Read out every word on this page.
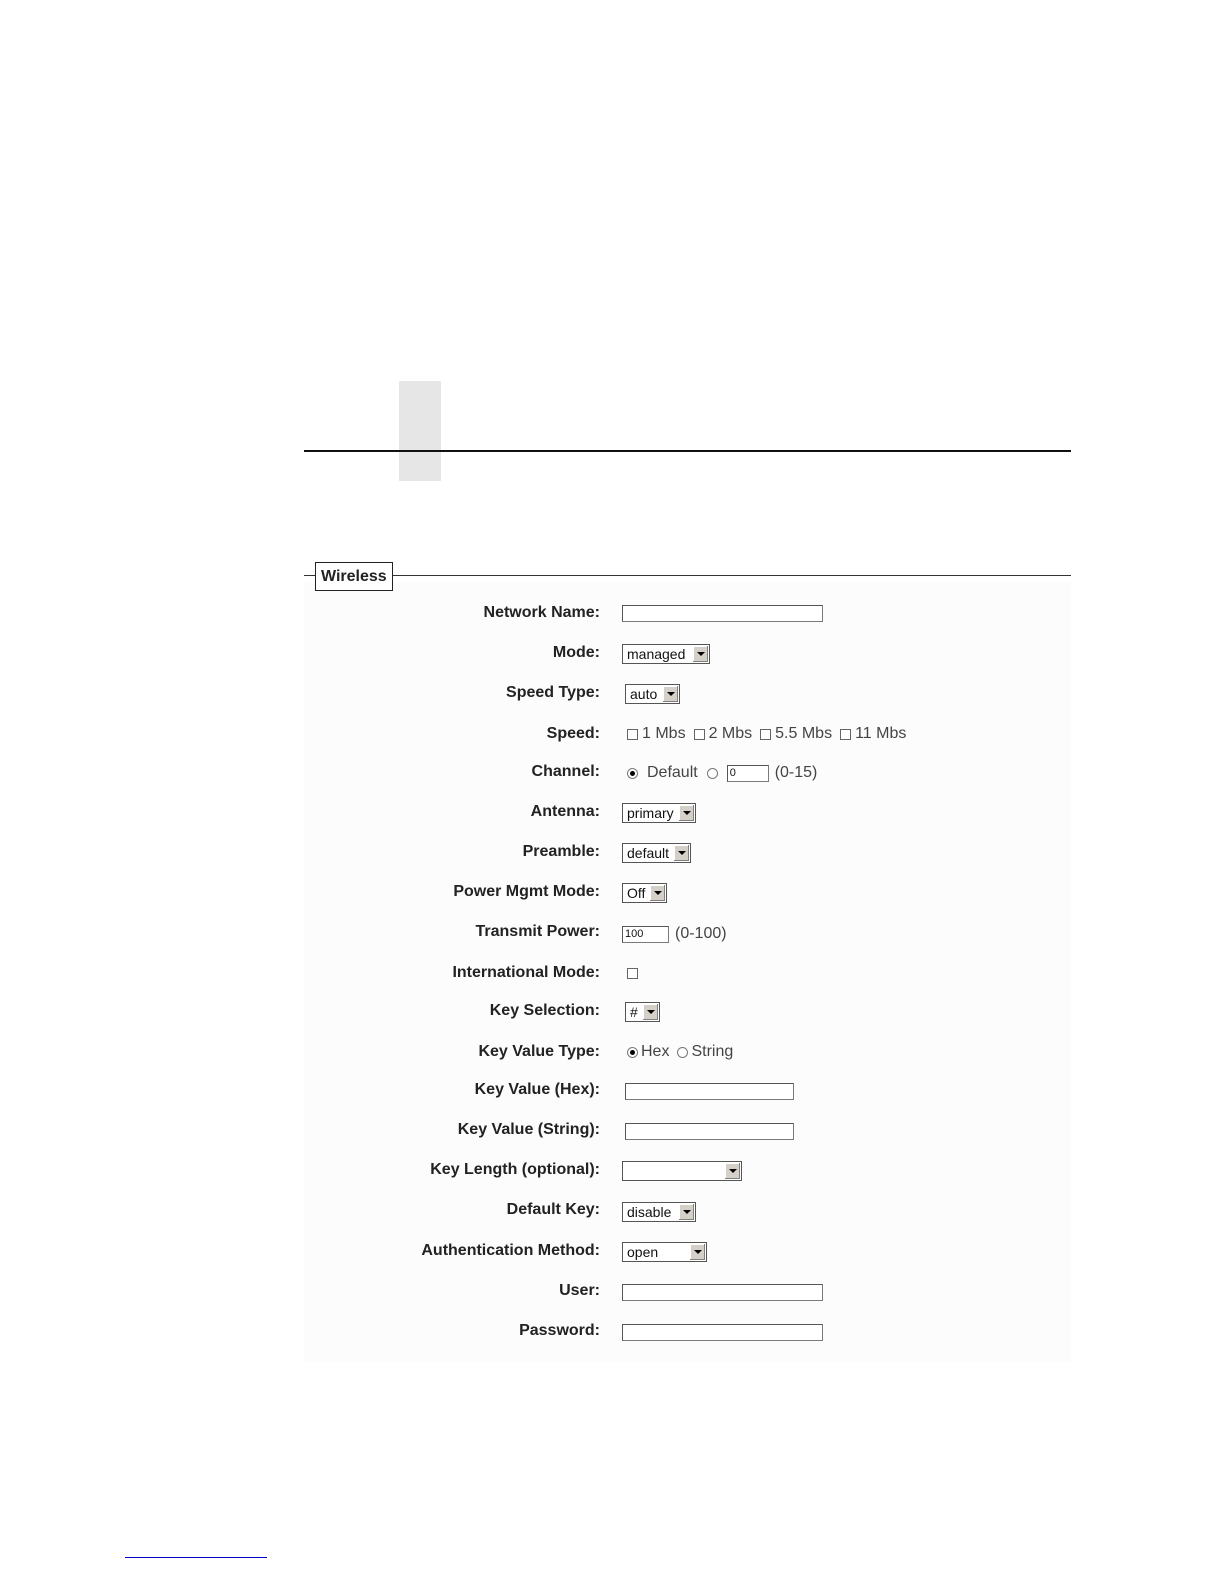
Wireless
Network Name:
Mode: managed
Speed Type: auto
Speed:	1 Mbs 2 Mbs 5.5 Mbs 11 Mbs
Channel:	Default	0	(0-15)
Antenna: primary
Preamble: default
Power Mgmt Mode: Off
Transmit Power: 100	(0-100)
International Mode:
Key Selection: #
Key Value Type:	Hex String
Key Value (Hex):
Key Value (String):
Key Length (optional):
Default Key: disable
Authentication Method: open
User:
Password:
